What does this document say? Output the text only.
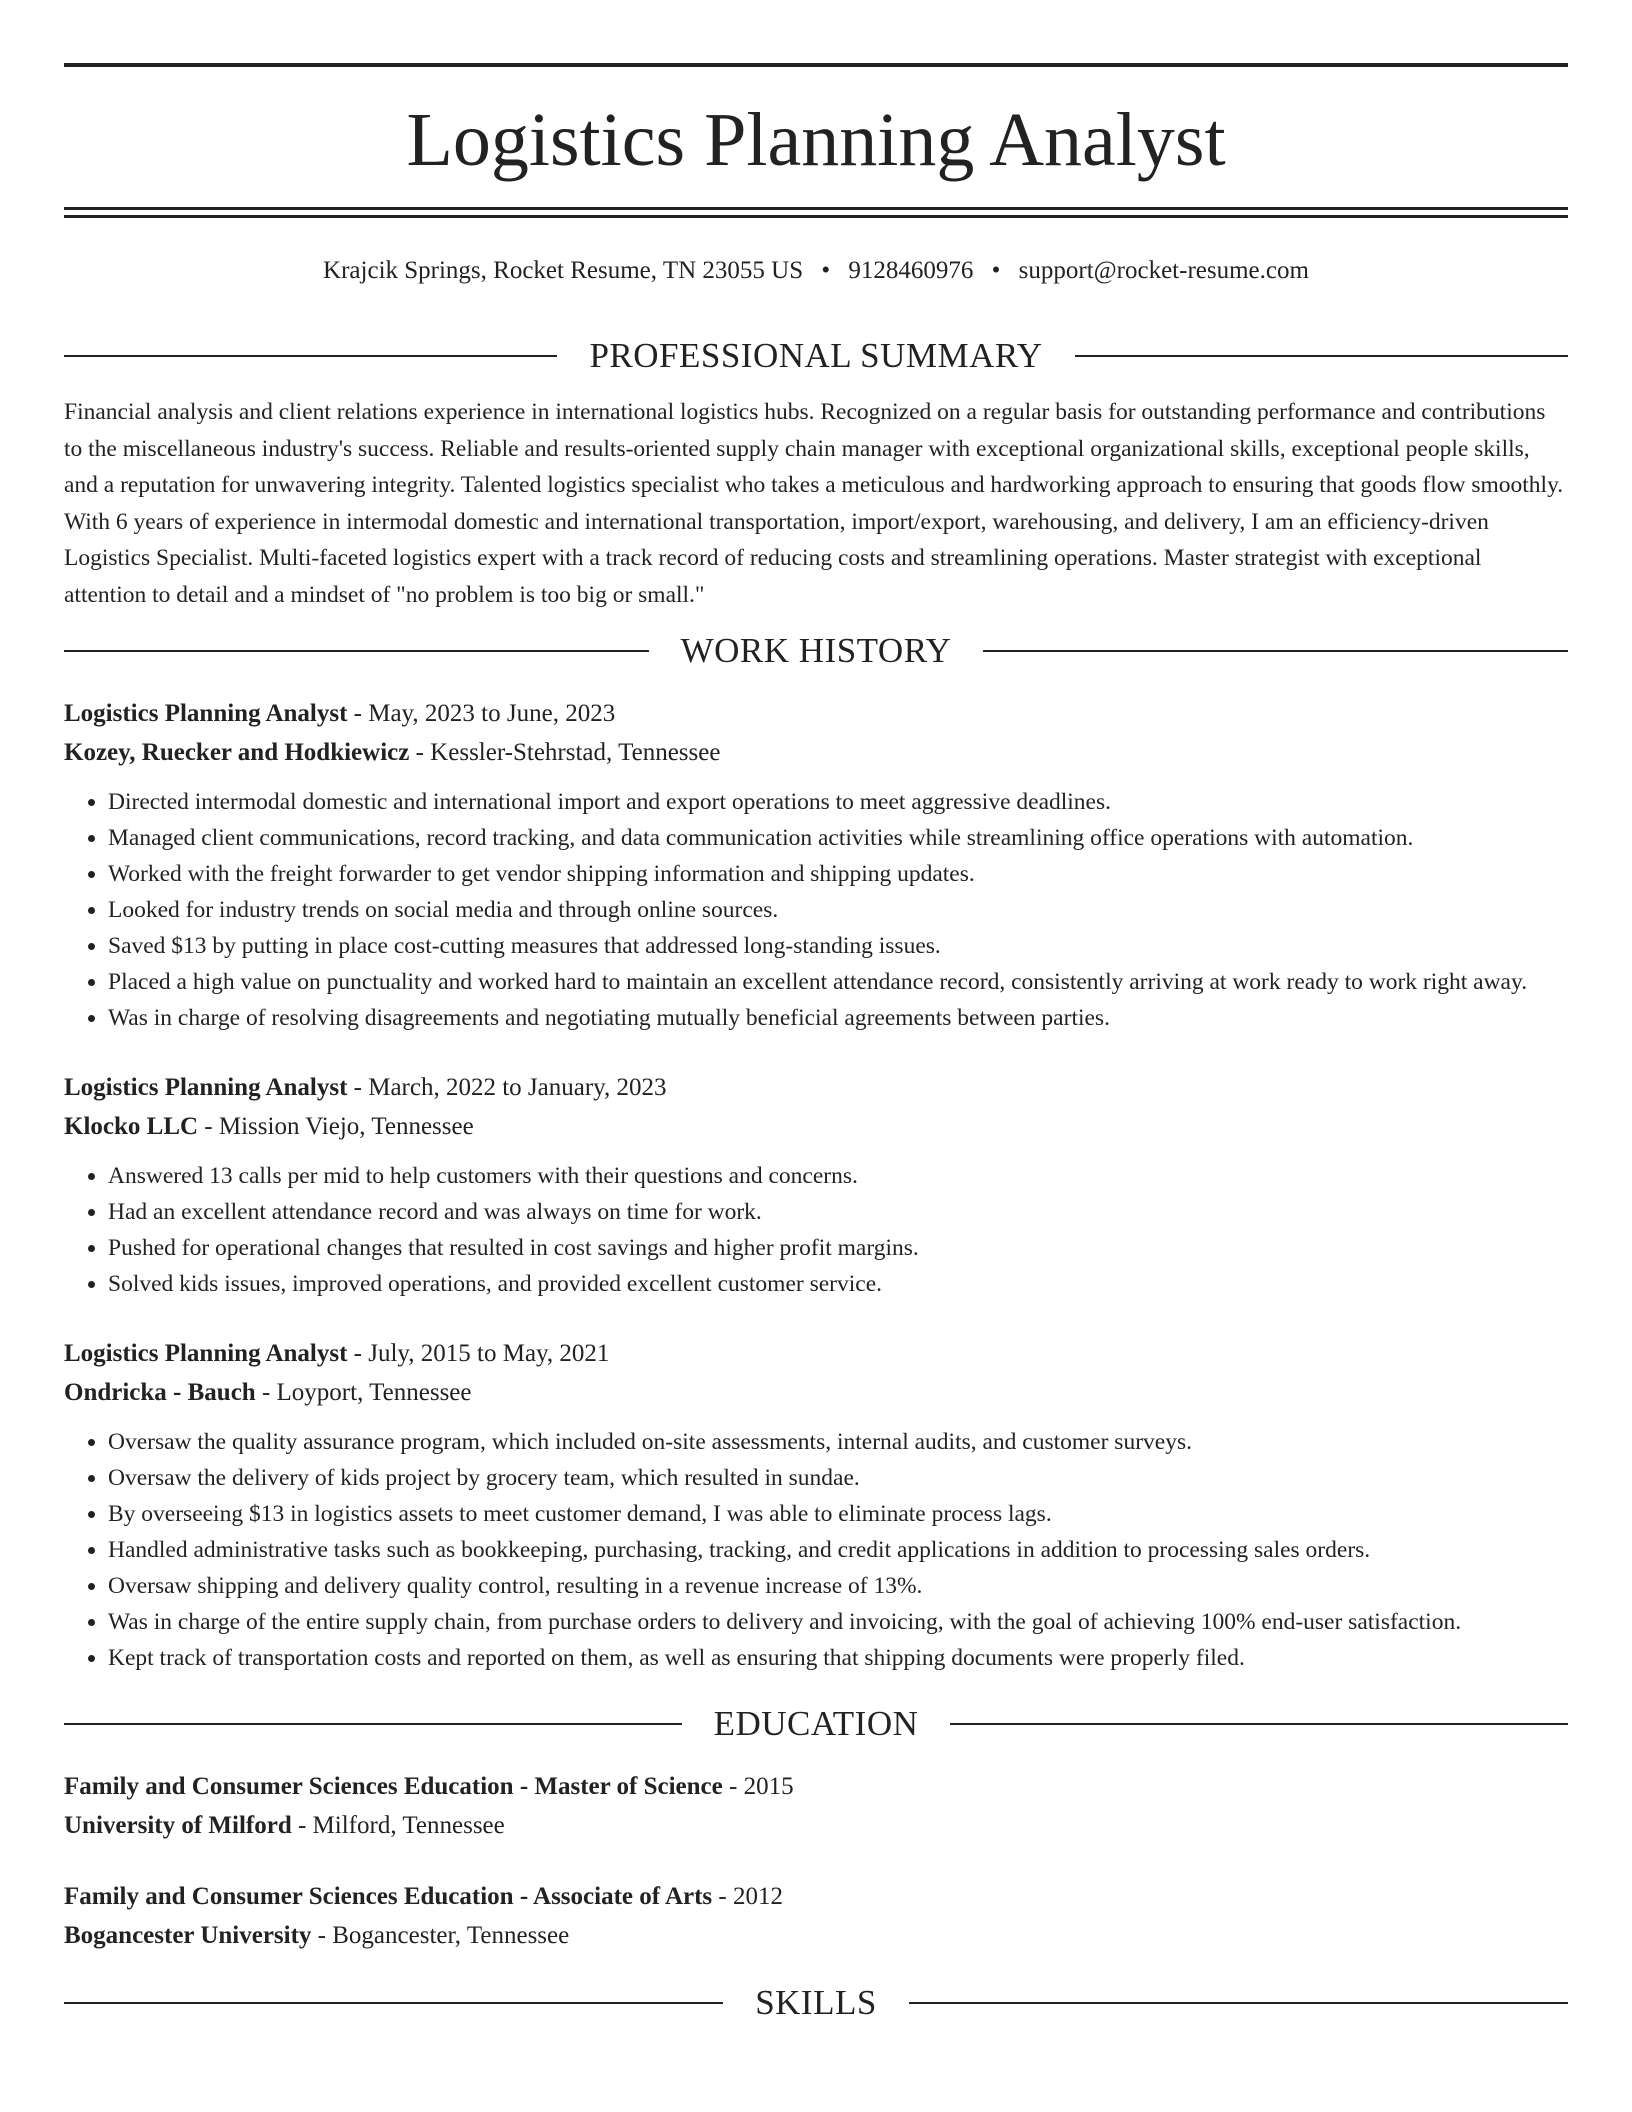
Logistics Planning Analyst
Krajcik Springs, Rocket Resume, TN 23055 US • 9128460976 • support@rocket-resume.com
PROFESSIONAL SUMMARY

Financial analysis and client relations experience in international logistics hubs. Recognized on a regular basis for outstanding performance and contributions to the miscellaneous industry's success. Reliable and results-oriented supply chain manager with exceptional organizational skills, exceptional people skills, and a reputation for unwavering integrity. Talented logistics specialist who takes a meticulous and hardworking approach to ensuring that goods flow smoothly. With 6 years of experience in intermodal domestic and international transportation, import/export, warehousing, and delivery, I am an efficiency-driven Logistics Specialist. Multi-faceted logistics expert with a track record of reducing costs and streamlining operations. Master strategist with exceptional attention to detail and a mindset of "no problem is too big or small."

WORK HISTORY
Logistics Planning Analyst - May, 2023 to June, 2023
Kozey, Ruecker and Hodkiewicz - Kessler-Stehrstad, Tennessee
• Directed intermodal domestic and international import and export operations to meet aggressive deadlines.
• Managed client communications, record tracking, and data communication activities while streamlining office operations with automation.
• Worked with the freight forwarder to get vendor shipping information and shipping updates.
• Looked for industry trends on social media and through online sources.
• Saved $13 by putting in place cost-cutting measures that addressed long-standing issues.
• Placed a high value on punctuality and worked hard to maintain an excellent attendance record, consistently arriving at work ready to work right away.
• Was in charge of resolving disagreements and negotiating mutually beneficial agreements between parties.
Logistics Planning Analyst - March, 2022 to January, 2023
Klocko LLC - Mission Viejo, Tennessee
• Answered 13 calls per mid to help customers with their questions and concerns.
• Had an excellent attendance record and was always on time for work.
• Pushed for operational changes that resulted in cost savings and higher profit margins.
• Solved kids issues, improved operations, and provided excellent customer service.
Logistics Planning Analyst - July, 2015 to May, 2021
Ondricka - Bauch - Loyport, Tennessee
• Oversaw the quality assurance program, which included on-site assessments, internal audits, and customer surveys.
• Oversaw the delivery of kids project by grocery team, which resulted in sundae.
• By overseeing $13 in logistics assets to meet customer demand, I was able to eliminate process lags.
• Handled administrative tasks such as bookkeeping, purchasing, tracking, and credit applications in addition to processing sales orders.
• Oversaw shipping and delivery quality control, resulting in a revenue increase of 13%.
• Was in charge of the entire supply chain, from purchase orders to delivery and invoicing, with the goal of achieving 100% end-user satisfaction.
• Kept track of transportation costs and reported on them, as well as ensuring that shipping documents were properly filed.
EDUCATION
Family and Consumer Sciences Education - Master of Science - 2015
University of Milford - Milford, Tennessee
Family and Consumer Sciences Education - Associate of Arts - 2012
Bogancester University - Bogancester, Tennessee
SKILLS
